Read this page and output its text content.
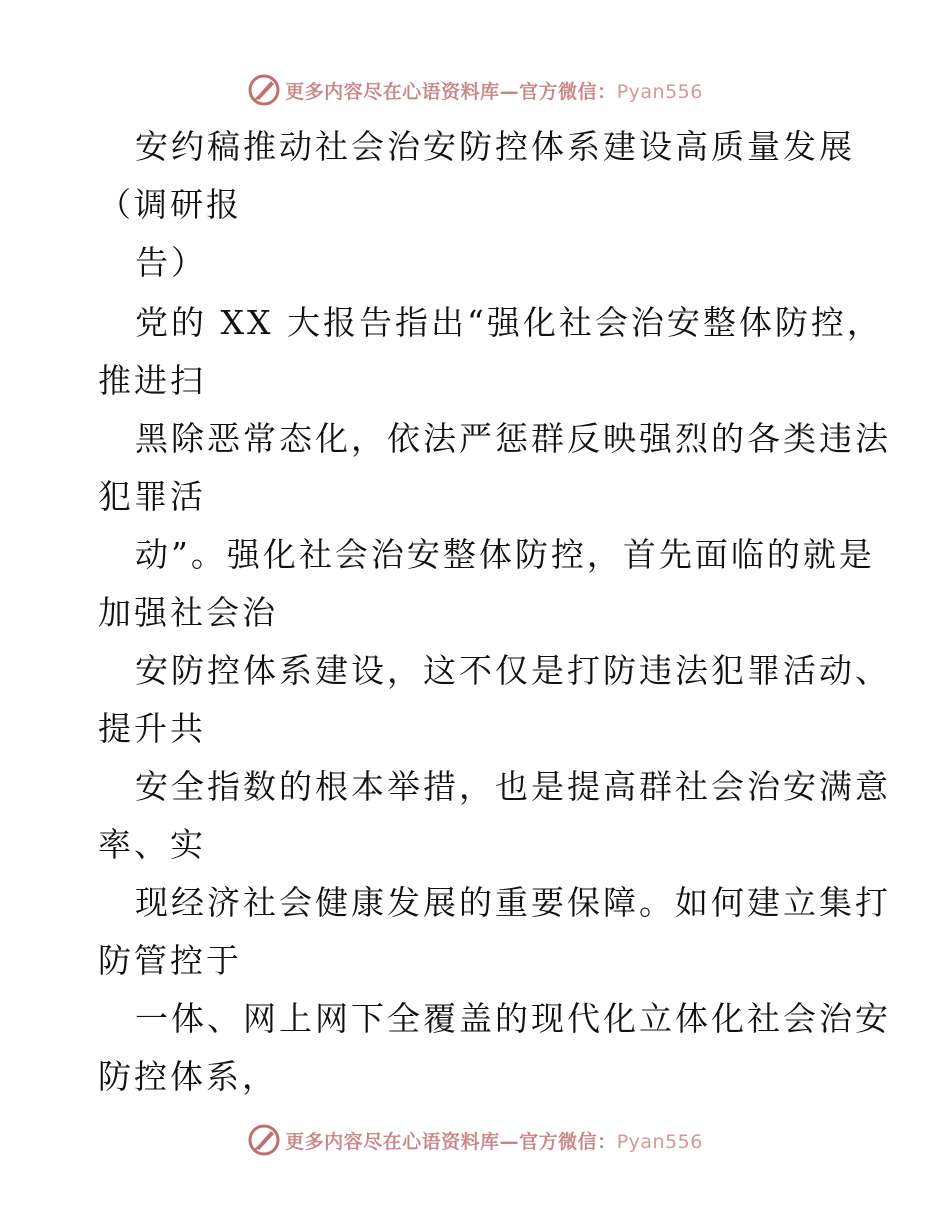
更多内容尽在心语资料库—官方微信：Pyan556
安约稿推动社会治安防控体系建设高质量发展
（调研报
告）
党的 XX 大报告指出“强化社会治安整体防控，
推进扫
黑除恶常态化，依法严惩群反映强烈的各类违法
犯罪活
动”。强化社会治安整体防控，首先面临的就是
加强社会治
安防控体系建设，这不仅是打防违法犯罪活动、
提升共
安全指数的根本举措，也是提高群社会治安满意
率、实
现经济社会健康发展的重要保障。如何建立集打
防管控于
一体、网上网下全覆盖的现代化立体化社会治安
防控体系，
更多内容尽在心语资料库—官方微信：Pyan556
